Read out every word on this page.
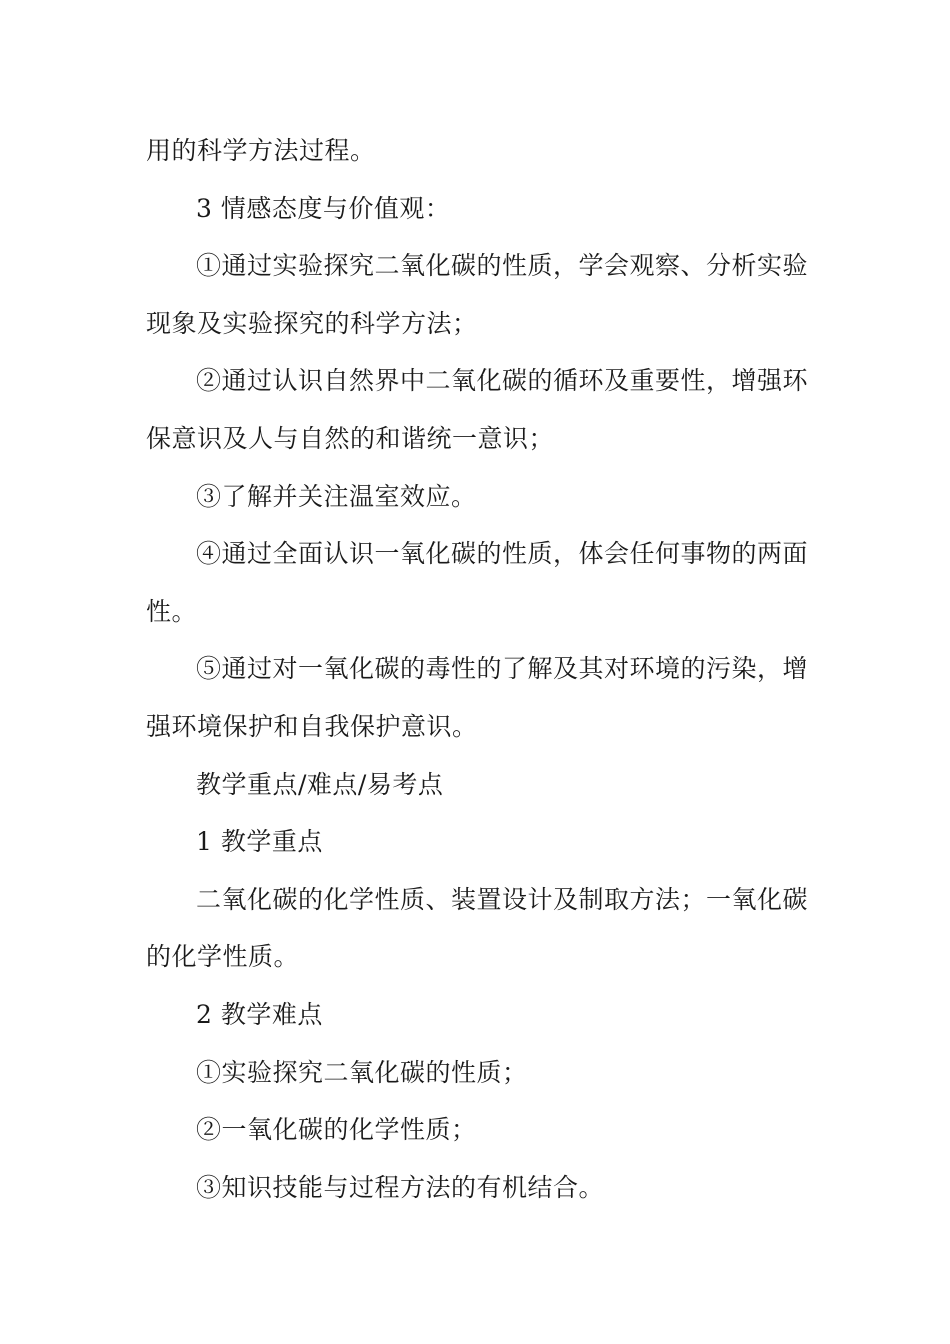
用的科学方法过程。

3 情感态度与价值观：

①通过实验探究二氧化碳的性质，学会观察、分析实验现象及实验探究的科学方法；

②通过认识自然界中二氧化碳的循环及重要性，增强环保意识及人与自然的和谐统一意识；

③了解并关注温室效应。

④通过全面认识一氧化碳的性质，体会任何事物的两面性。

⑤通过对一氧化碳的毒性的了解及其对环境的污染，增强环境保护和自我保护意识。

教学重点/难点/易考点

1 教学重点

二氧化碳的化学性质、装置设计及制取方法；一氧化碳的化学性质。

2 教学难点

①实验探究二氧化碳的性质；

②一氧化碳的化学性质；

③知识技能与过程方法的有机结合。
